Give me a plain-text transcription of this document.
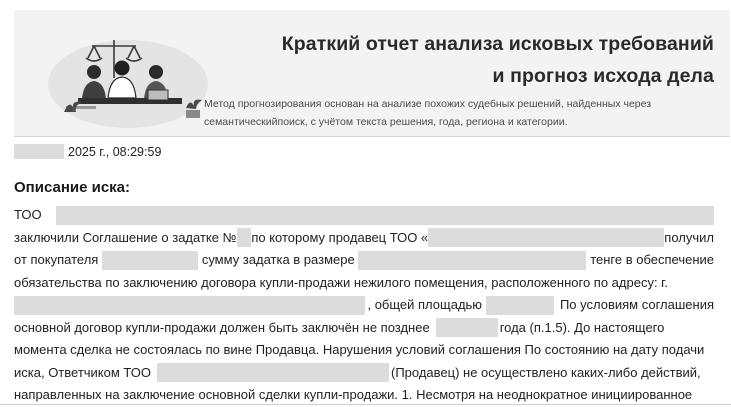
Краткий отчет анализа исковых требований
и прогноз исхода дела
Метод прогнозирования основан на анализе похожих судебных решений, найденных через
семантическийпоиск, с учётом текста решения, года, региона и категории.
2025 г., 08:29:59
Описание иска:
ТОО
заключили Соглашение о задатке № по которому продавец ТОО «	получил
от покупателя	сумму задатка в размере	тенге в обеспечение
обязательства по заключению договора купли-продажи нежилого помещения, расположенного по адресу: г.
, общей площадью	По условиям соглашения
основной договор купли-продажи должен быть заключён не позднее	года (п.1.5). До настоящего
момента сделка не состоялась по вине Продавца. Нарушения условий соглашения По состоянию на дату подачи
иска, Ответчиком ТОО	(Продавец) не осуществлено каких-либо действий,
направленных на заключение основной сделки купли-продажи. 1. Несмотря на неоднократное инициированное
